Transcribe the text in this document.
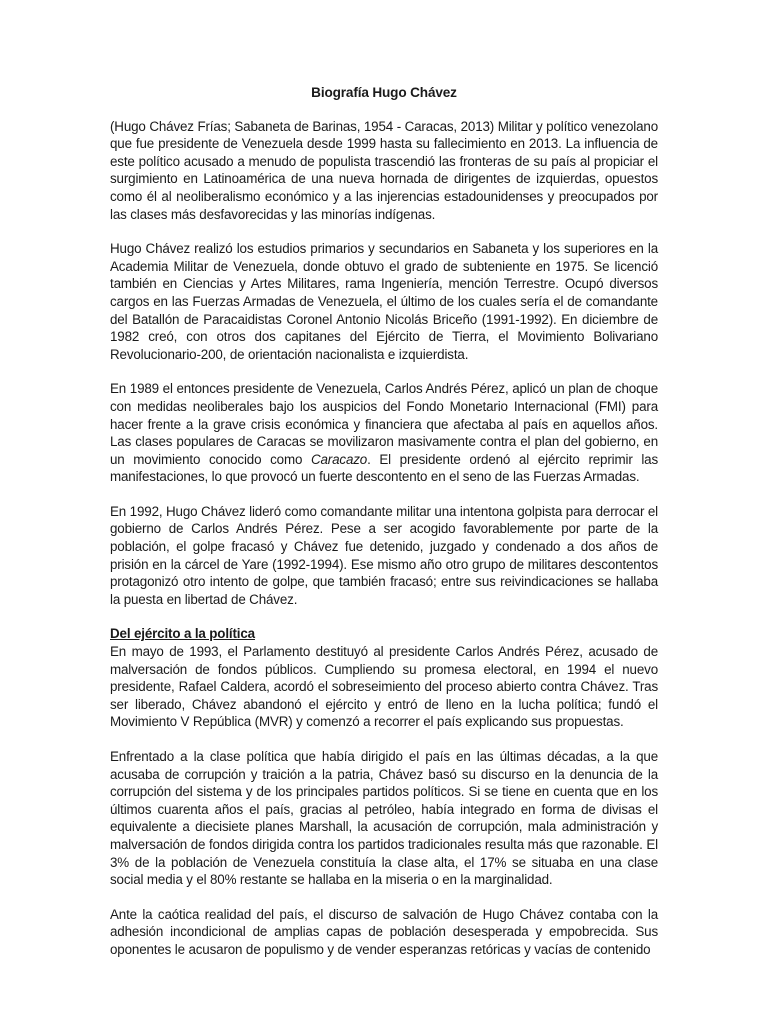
Biografía Hugo Chávez

(Hugo Chávez Frías; Sabaneta de Barinas, 1954 - Caracas, 2013) Militar y político venezolano que fue presidente de Venezuela desde 1999 hasta su fallecimiento en 2013. La influencia de este político acusado a menudo de populista trascendió las fronteras de su país al propiciar el surgimiento en Latinoamérica de una nueva hornada de dirigentes de izquierdas, opuestos como él al neoliberalismo económico y a las injerencias estadounidenses y preocupados por las clases más desfavorecidas y las minorías indígenas.

Hugo Chávez realizó los estudios primarios y secundarios en Sabaneta y los superiores en la Academia Militar de Venezuela, donde obtuvo el grado de subteniente en 1975. Se licenció también en Ciencias y Artes Militares, rama Ingeniería, mención Terrestre. Ocupó diversos cargos en las Fuerzas Armadas de Venezuela, el último de los cuales sería el de comandante del Batallón de Paracaidistas Coronel Antonio Nicolás Briceño (1991-1992). En diciembre de 1982 creó, con otros dos capitanes del Ejército de Tierra, el Movimiento Bolivariano Revolucionario-200, de orientación nacionalista e izquierdista.

En 1989 el entonces presidente de Venezuela, Carlos Andrés Pérez, aplicó un plan de choque con medidas neoliberales bajo los auspicios del Fondo Monetario Internacional (FMI) para hacer frente a la grave crisis económica y financiera que afectaba al país en aquellos años. Las clases populares de Caracas se movilizaron masivamente contra el plan del gobierno, en un movimiento conocido como Caracazo. El presidente ordenó al ejército reprimir las manifestaciones, lo que provocó un fuerte descontento en el seno de las Fuerzas Armadas.

En 1992, Hugo Chávez lideró como comandante militar una intentona golpista para derrocar el gobierno de Carlos Andrés Pérez. Pese a ser acogido favorablemente por parte de la población, el golpe fracasó y Chávez fue detenido, juzgado y condenado a dos años de prisión en la cárcel de Yare (1992-1994). Ese mismo año otro grupo de militares descontentos protagonizó otro intento de golpe, que también fracasó; entre sus reivindicaciones se hallaba la puesta en libertad de Chávez.

Del ejército a la política

En mayo de 1993, el Parlamento destituyó al presidente Carlos Andrés Pérez, acusado de malversación de fondos públicos. Cumpliendo su promesa electoral, en 1994 el nuevo presidente, Rafael Caldera, acordó el sobreseimiento del proceso abierto contra Chávez. Tras ser liberado, Chávez abandonó el ejército y entró de lleno en la lucha política; fundó el Movimiento V República (MVR) y comenzó a recorrer el país explicando sus propuestas.

Enfrentado a la clase política que había dirigido el país en las últimas décadas, a la que acusaba de corrupción y traición a la patria, Chávez basó su discurso en la denuncia de la corrupción del sistema y de los principales partidos políticos. Si se tiene en cuenta que en los últimos cuarenta años el país, gracias al petróleo, había integrado en forma de divisas el equivalente a diecisiete planes Marshall, la acusación de corrupción, mala administración y malversación de fondos dirigida contra los partidos tradicionales resulta más que razonable. El 3% de la población de Venezuela constituía la clase alta, el 17% se situaba en una clase social media y el 80% restante se hallaba en la miseria o en la marginalidad.

Ante la caótica realidad del país, el discurso de salvación de Hugo Chávez contaba con la adhesión incondicional de amplias capas de población desesperada y empobrecida. Sus oponentes le acusaron de populismo y de vender esperanzas retóricas y vacías de contenido
